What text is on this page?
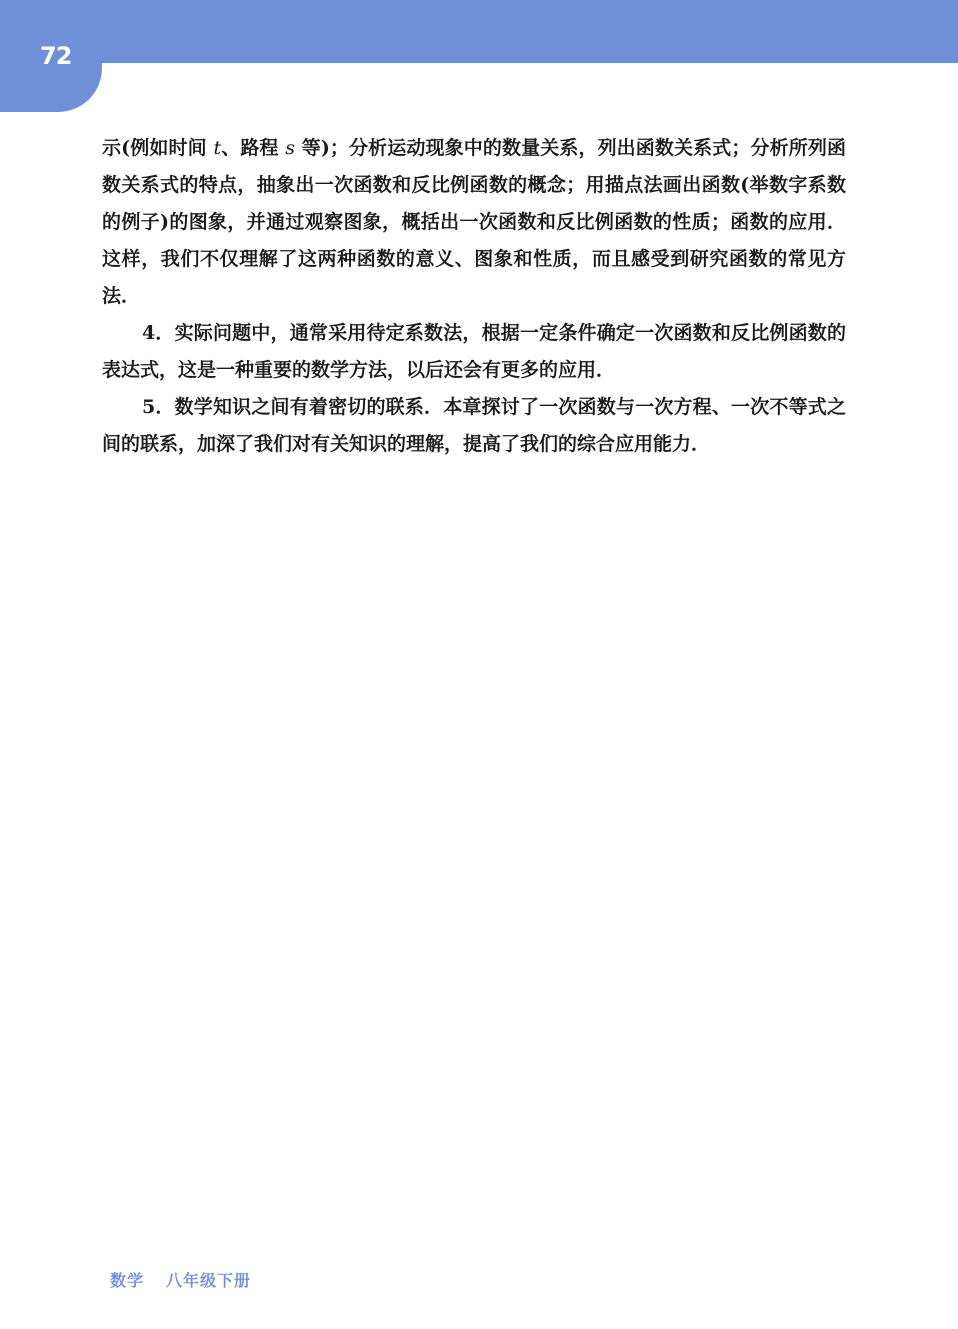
72

示(例如时间 t、路程 s 等)；分析运动现象中的数量关系，列出函数关系式；分析所列函数关系式的特点，抽象出一次函数和反比例函数的概念；用描点法画出函数(举数字系数的例子)的图象，并通过观察图象，概括出一次函数和反比例函数的性质；函数的应用．这样，我们不仅理解了这两种函数的意义、图象和性质，而且感受到研究函数的常见方法．

4．实际问题中，通常采用待定系数法，根据一定条件确定一次函数和反比例函数的表达式，这是一种重要的数学方法，以后还会有更多的应用．

5．数学知识之间有着密切的联系．本章探讨了一次函数与一次方程、一次不等式之间的联系，加深了我们对有关知识的理解，提高了我们的综合应用能力．

数学 八年级下册
